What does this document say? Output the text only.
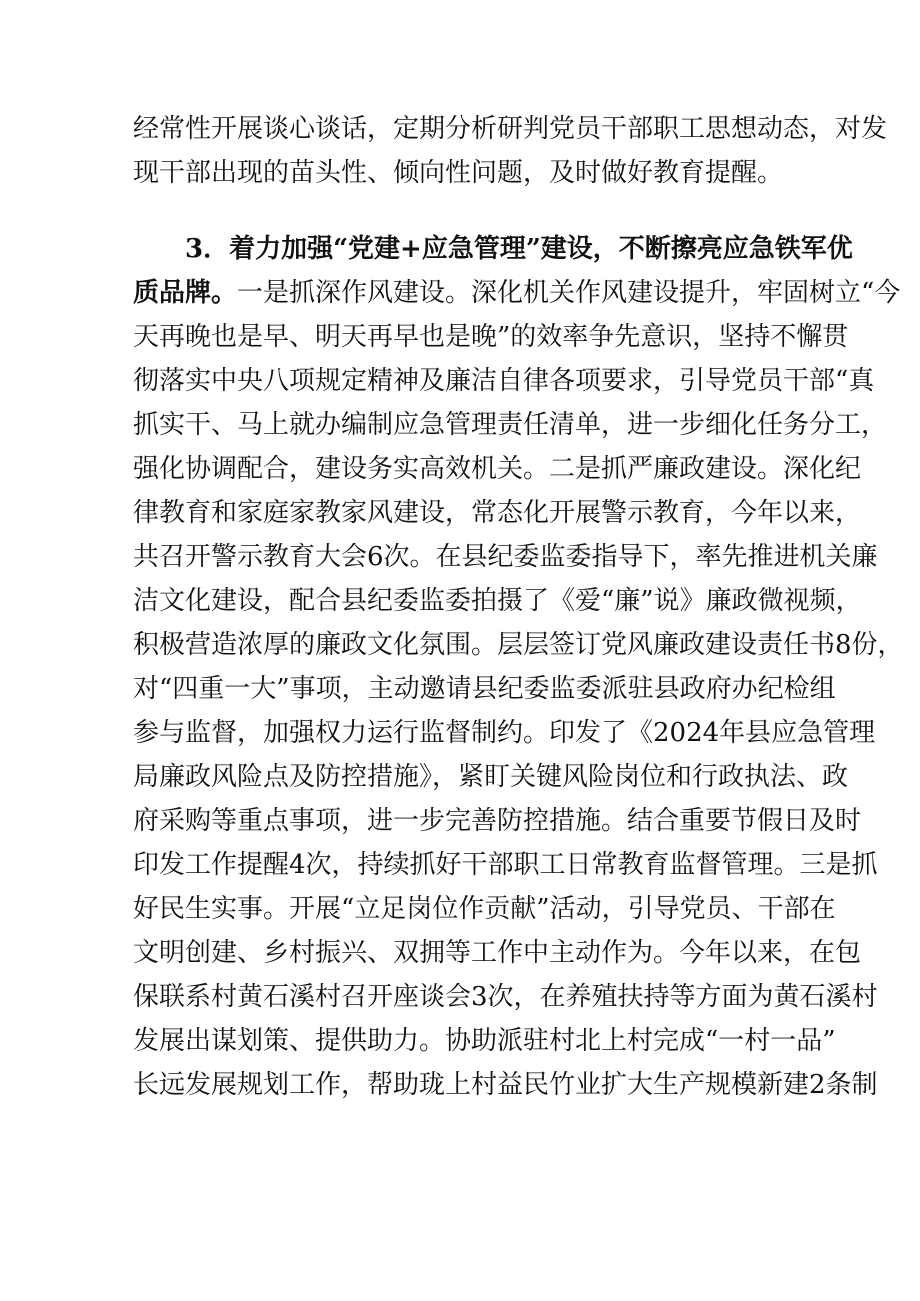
经常性开展谈心谈话，定期分析研判党员干部职工思想动态，对发
现干部出现的苗头性、倾向性问题，及时做好教育提醒。
3．着力加强“党建+应急管理”建设，不断擦亮应急铁军优
质品牌。一是抓深作风建设。深化机关作风建设提升，牢固树立“今
天再晚也是早、明天再早也是晚”的效率争先意识，坚持不懈贯
彻落实中央八项规定精神及廉洁自律各项要求，引导党员干部“真
抓实干、马上就办编制应急管理责任清单，进一步细化任务分工，
强化协调配合，建设务实高效机关。二是抓严廉政建设。深化纪
律教育和家庭家教家风建设，常态化开展警示教育，今年以来，
共召开警示教育大会6次。在县纪委监委指导下，率先推进机关廉
洁文化建设，配合县纪委监委拍摄了《爱“廉”说》廉政微视频，
积极营造浓厚的廉政文化氛围。层层签订党风廉政建设责任书8份，
对“四重一大”事项，主动邀请县纪委监委派驻县政府办纪检组
参与监督，加强权力运行监督制约。印发了《2024年县应急管理
局廉政风险点及防控措施》，紧盯关键风险岗位和行政执法、政
府采购等重点事项，进一步完善防控措施。结合重要节假日及时
印发工作提醒4次，持续抓好干部职工日常教育监督管理。三是抓
好民生实事。开展“立足岗位作贡献”活动，引导党员、干部在
文明创建、乡村振兴、双拥等工作中主动作为。今年以来，在包
保联系村黄石溪村召开座谈会3次，在养殖扶持等方面为黄石溪村
发展出谋划策、提供助力。协助派驻村北上村完成“一村一品”
长远发展规划工作，帮助珑上村益民竹业扩大生产规模新建2条制
